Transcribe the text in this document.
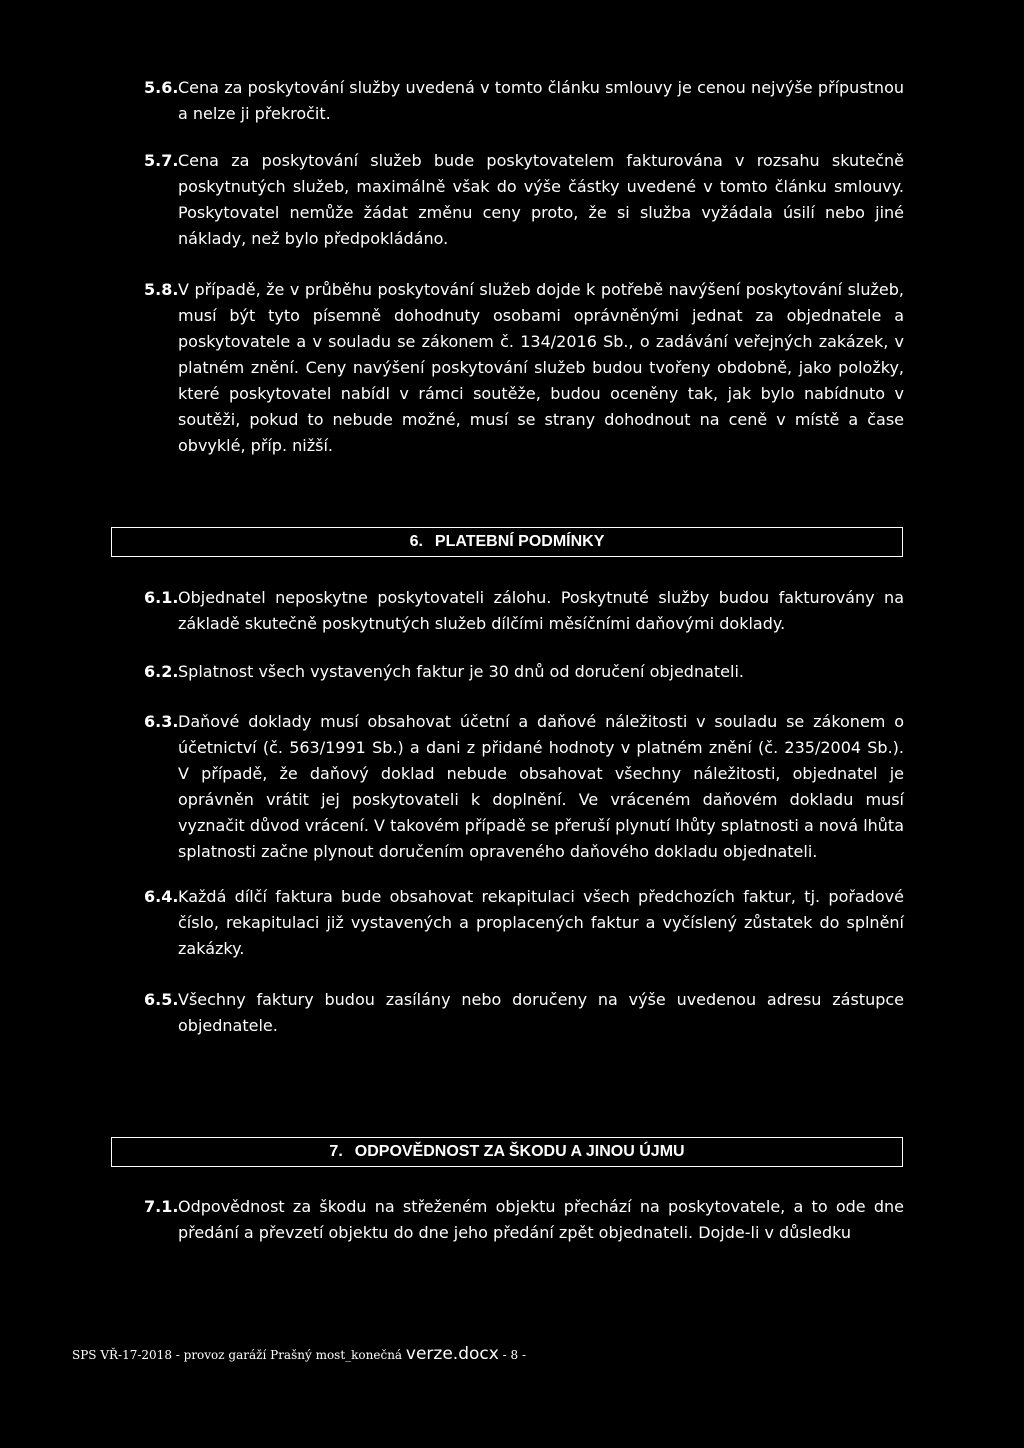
5.6. Cena za poskytování služby uvedená v tomto článku smlouvy je cenou nejvýše přípustnou a nelze ji překročit.
5.7. Cena za poskytování služeb bude poskytovatelem fakturována v rozsahu skutečně poskytnutých služeb, maximálně však do výše částky uvedené v tomto článku smlouvy. Poskytovatel nemůže žádat změnu ceny proto, že si služba vyžádala úsilí nebo jiné náklady, než bylo předpokládáno.
5.8. V případě, že v průběhu poskytování služeb dojde k potřebě navýšení poskytování služeb, musí být tyto písemně dohodnuty osobami oprávněnými jednat za objednatele a poskytovatele a v souladu se zákonem č. 134/2016 Sb., o zadávání veřejných zakázek, v platném znění. Ceny navýšení poskytování služeb budou tvořeny obdobně, jako položky, které poskytovatel nabídl v rámci soutěže, budou oceněny tak, jak bylo nabídnuto v soutěži, pokud to nebude možné, musí se strany dohodnout na ceně v místě a čase obvyklé, příp. nižší.
6. PLATEBNÍ PODMÍNKY
6.1. Objednatel neposkytne poskytovateli zálohu. Poskytnuté služby budou fakturovány na základě skutečně poskytnutých služeb dílčími měsíčními daňovými doklady.
6.2. Splatnost všech vystavených faktur je 30 dnů od doručení objednateli.
6.3. Daňové doklady musí obsahovat účetní a daňové náležitosti v souladu se zákonem o účetnictví (č. 563/1991 Sb.) a dani z přidané hodnoty v platném znění (č. 235/2004 Sb.). V případě, že daňový doklad nebude obsahovat všechny náležitosti, objednatel je oprávněn vrátit jej poskytovateli k doplnění. Ve vráceném daňovém dokladu musí vyznačit důvod vrácení. V takovém případě se přeruší plynutí lhůty splatnosti a nová lhůta splatnosti začne plynout doručením opraveného daňového dokladu objednateli.
6.4. Každá dílčí faktura bude obsahovat rekapitulaci všech předchozích faktur, tj. pořadové číslo, rekapitulaci již vystavených a proplacených faktur a vyčíslený zůstatek do splnění zakázky.
6.5. Všechny faktury budou zasílány nebo doručeny na výše uvedenou adresu zástupce objednatele.
7. ODPOVĚDNOST ZA ŠKODU A JINOU ÚJMU
7.1. Odpovědnost za škodu na střeženém objektu přechází na poskytovatele, a to ode dne předání a převzetí objektu do dne jeho předání zpět objednateli. Dojde-li v důsledku
SPS VŘ-17-2018 - provoz garáží Prašný most_konečná verze.docx - 8 -
